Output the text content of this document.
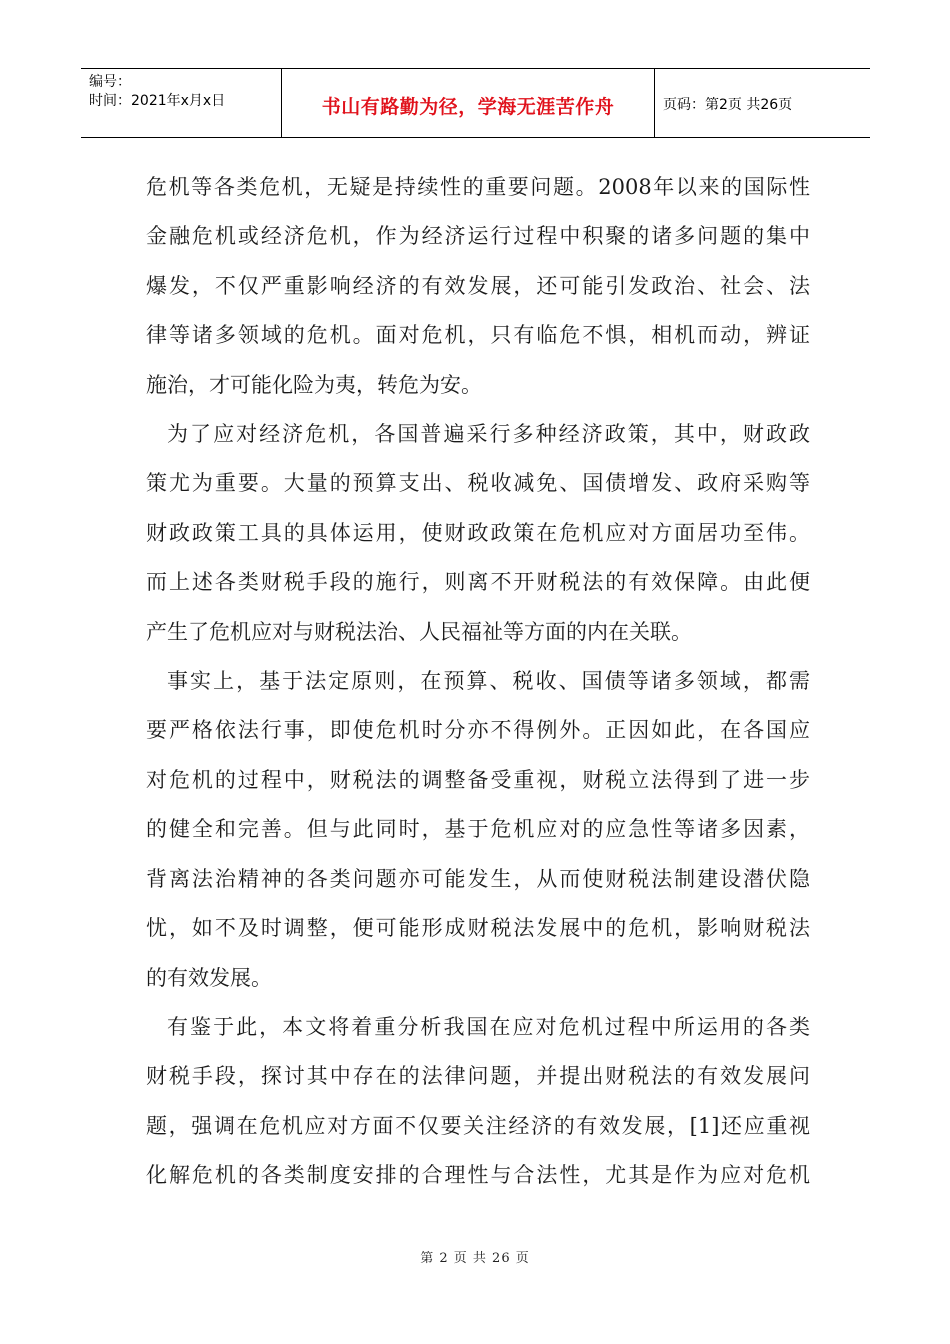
编号：
时间：2021年x月x日	书山有路勤为径，学海无涯苦作舟	页码：第2页 共26页

危机等各类危机，无疑是持续性的重要问题。2008年以来的国际性

金融危机或经济危机，作为经济运行过程中积聚的诸多问题的集中

爆发，不仅严重影响经济的有效发展，还可能引发政治、社会、法

律等诸多领域的危机。面对危机，只有临危不惧，相机而动，辨证

施治，才可能化险为夷，转危为安。

为了应对经济危机，各国普遍采行多种经济政策，其中，财政政

策尤为重要。大量的预算支出、税收减免、国债增发、政府采购等

财政政策工具的具体运用，使财政政策在危机应对方面居功至伟。

而上述各类财税手段的施行，则离不开财税法的有效保障。由此便

产生了危机应对与财税法治、人民福祉等方面的内在关联。

事实上，基于法定原则，在预算、税收、国债等诸多领域，都需

要严格依法行事，即使危机时分亦不得例外。正因如此，在各国应

对危机的过程中，财税法的调整备受重视，财税立法得到了进一步

的健全和完善。但与此同时，基于危机应对的应急性等诸多因素，

背离法治精神的各类问题亦可能发生，从而使财税法制建设潜伏隐

忧，如不及时调整，便可能形成财税法发展中的危机，影响财税法

的有效发展。

有鉴于此，本文将着重分析我国在应对危机过程中所运用的各类

财税手段，探讨其中存在的法律问题，并提出财税法的有效发展问

题，强调在危机应对方面不仅要关注经济的有效发展，[1]还应重视

化解危机的各类制度安排的合理性与合法性，尤其是作为应对危机

第 2 页 共 26 页
